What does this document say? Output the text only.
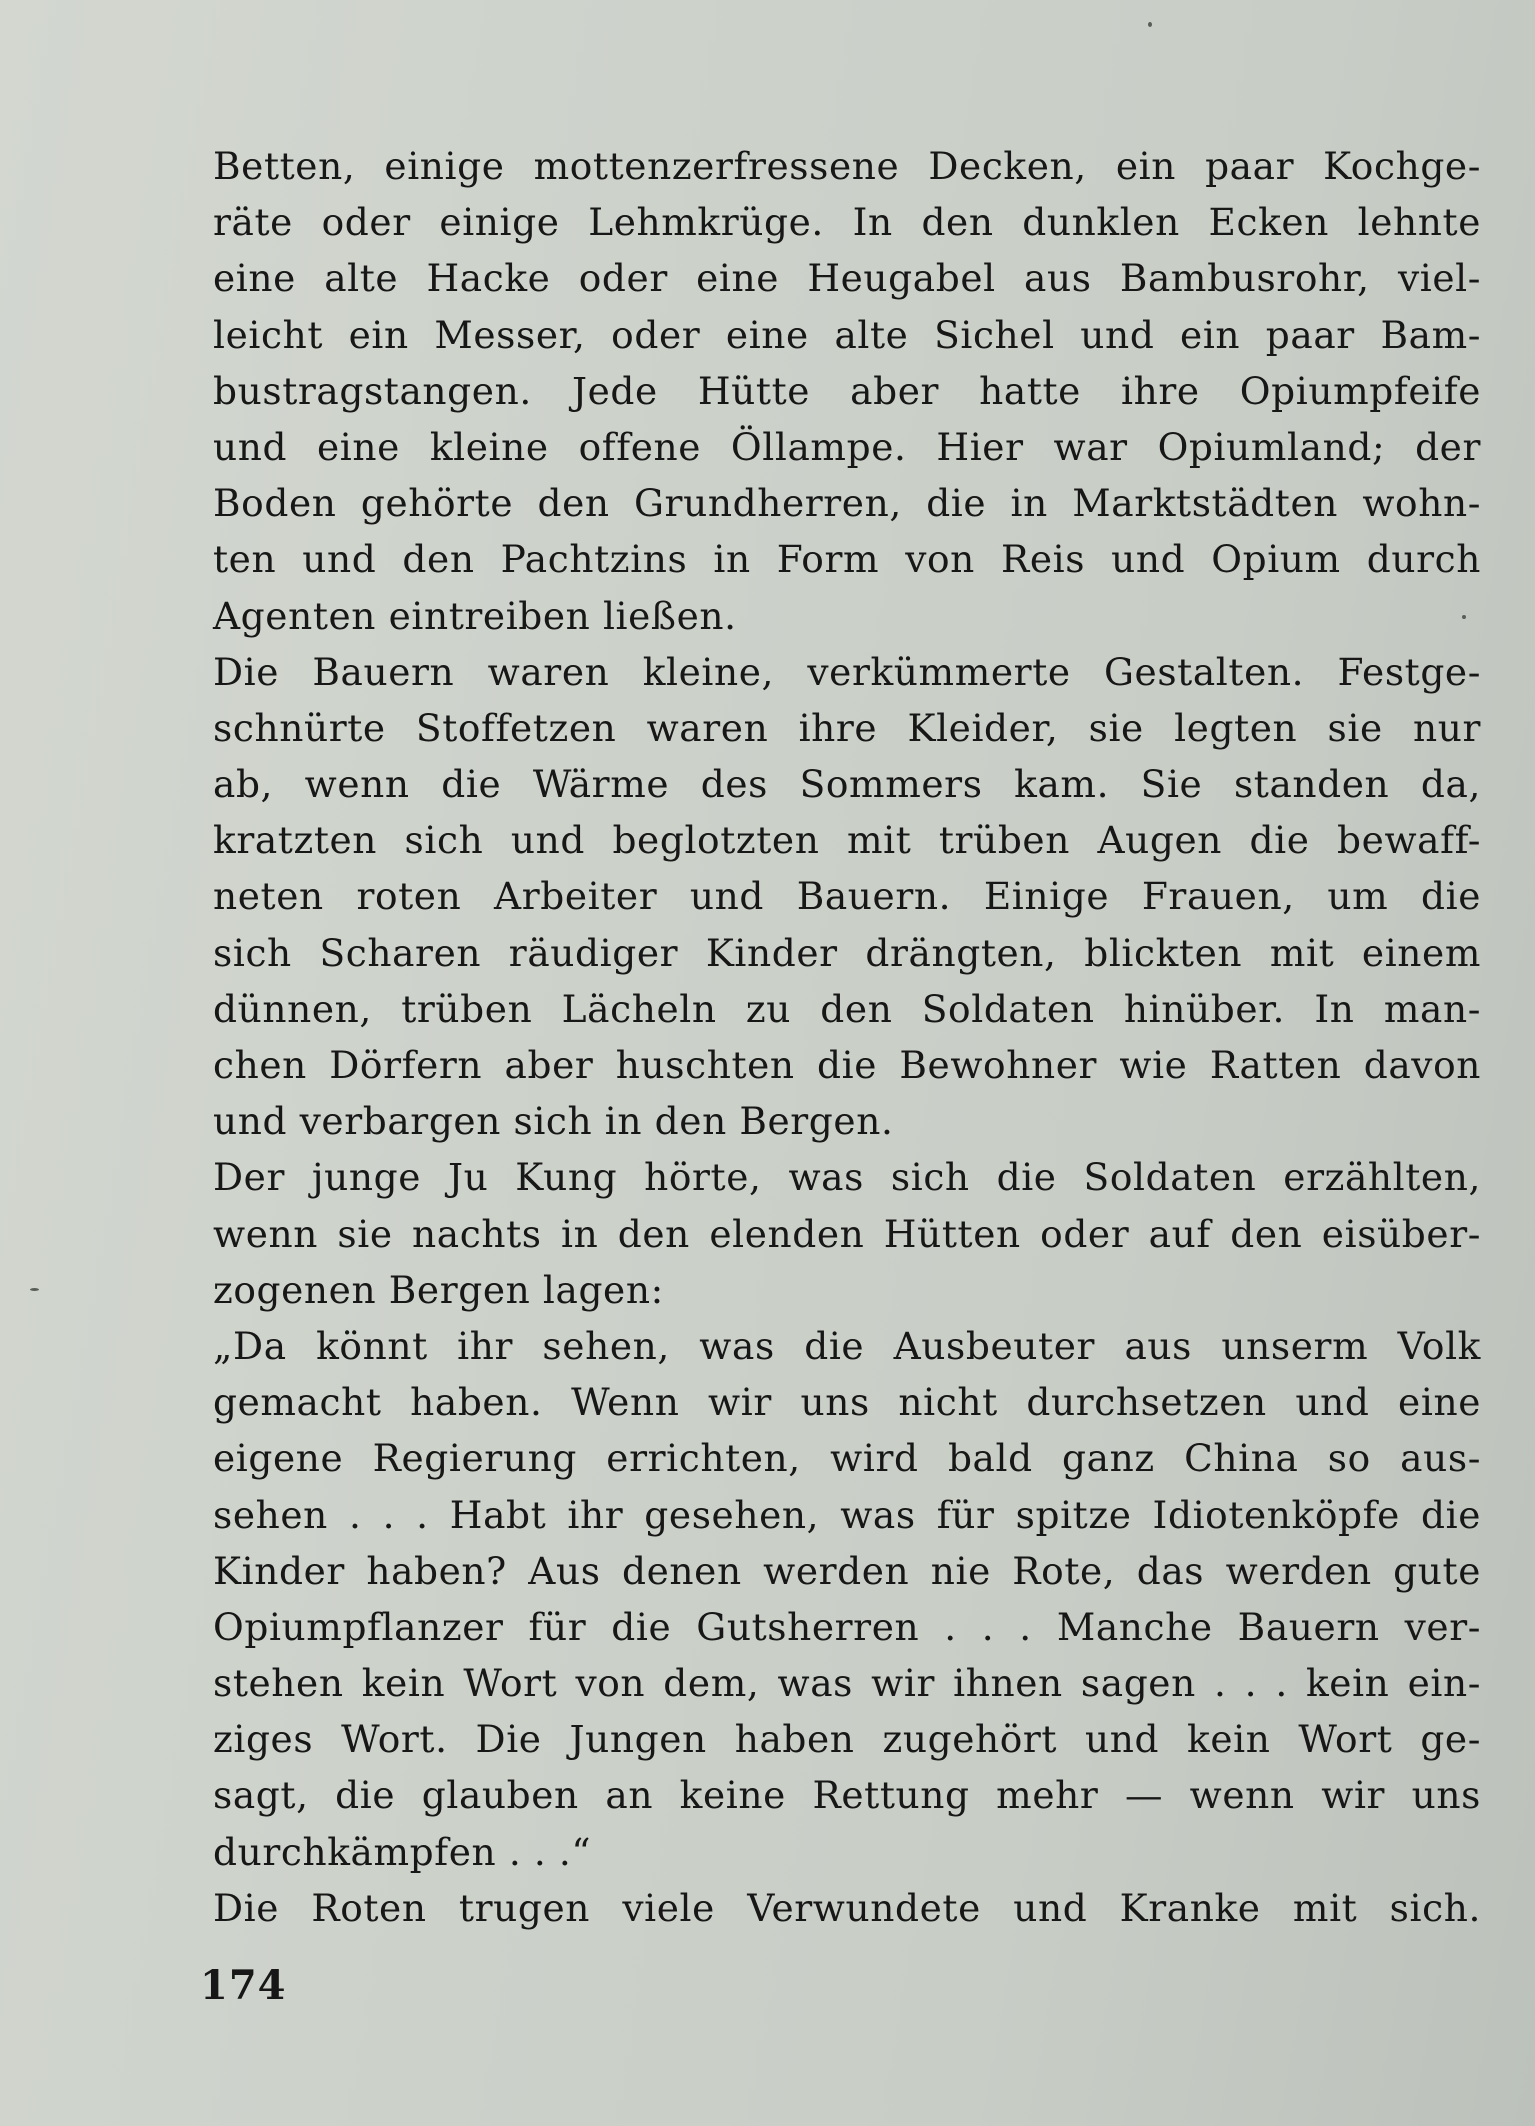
Betten, einige mottenzerfressene Decken, ein paar Kochge-
räte oder einige Lehmkrüge. In den dunklen Ecken lehnte
eine alte Hacke oder eine Heugabel aus Bambusrohr, viel-
leicht ein Messer, oder eine alte Sichel und ein paar Bam-
bustragstangen. Jede Hütte aber hatte ihre Opiumpfeife
und eine kleine offene Öllampe. Hier war Opiumland; der
Boden gehörte den Grundherren, die in Marktstädten wohn-
ten und den Pachtzins in Form von Reis und Opium durch
Agenten eintreiben ließen.
Die Bauern waren kleine, verkümmerte Gestalten. Festge-
schnürte Stoffetzen waren ihre Kleider, sie legten sie nur
ab, wenn die Wärme des Sommers kam. Sie standen da,
kratzten sich und beglotzten mit trüben Augen die bewaff-
neten roten Arbeiter und Bauern. Einige Frauen, um die
sich Scharen räudiger Kinder drängten, blickten mit einem
dünnen, trüben Lächeln zu den Soldaten hinüber. In man-
chen Dörfern aber huschten die Bewohner wie Ratten davon
und verbargen sich in den Bergen.
Der junge Ju Kung hörte, was sich die Soldaten erzählten,
wenn sie nachts in den elenden Hütten oder auf den eisüber-
zogenen Bergen lagen:
„Da könnt ihr sehen, was die Ausbeuter aus unserm Volk
gemacht haben. Wenn wir uns nicht durchsetzen und eine
eigene Regierung errichten, wird bald ganz China so aus-
sehen . . . Habt ihr gesehen, was für spitze Idiotenköpfe die
Kinder haben? Aus denen werden nie Rote, das werden gute
Opiumpflanzer für die Gutsherren . . . Manche Bauern ver-
stehen kein Wort von dem, was wir ihnen sagen . . . kein ein-
ziges Wort. Die Jungen haben zugehört und kein Wort ge-
sagt, die glauben an keine Rettung mehr — wenn wir uns
durchkämpfen . . .“
Die Roten trugen viele Verwundete und Kranke mit sich.
174
